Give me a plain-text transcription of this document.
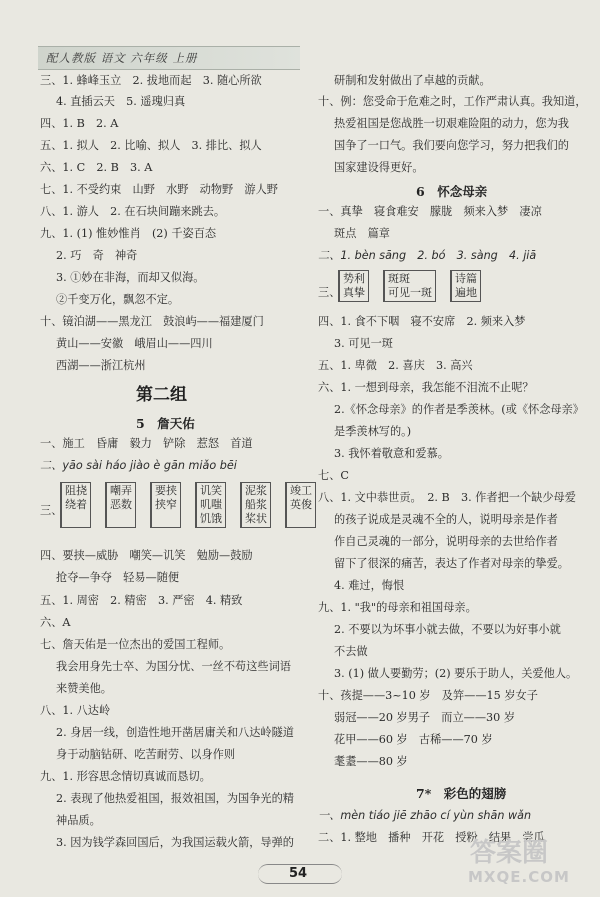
配人教版 语文 六年级 上册
三、1. 蜂峰玉立　2. 拔地而起　3. 随心所欲
4. 直插云天　5. 遥瑰归真
四、1. B　2. A
五、1. 拟人　2. 比喻、拟人　3. 排比、拟人
六、1. C　2. B　3. A
七、1. 不受约束　山野　水野　动物野　游人野
八、1. 游人　2. 在石块间蹦来跳去。
九、1. (1) 惟妙惟肖　(2) 千姿百态
2. 巧　奇　神奇
3. ①妙在非海，而却又似海。
②千变万化，飘忽不定。
十、镜泊湖——黑龙江　鼓浪屿——福建厦门
黄山——安徽　峨眉山——四川
西湖——浙江杭州
第二组
5　詹天佑
一、施工　昏庸　毅力　铲除　惹怒　首道
二、yāo sài háo jiào è gān miǎo bēi
三、
阻挠
绕着
嘲弄
恶数
要挟
挟窄
讥笑
叽嗤
饥饿
泥浆
船浆
桨状
竣工
英俊
四、要挟—威胁　嘲笑—讥笑　勉励—鼓励
抢夺—争夺　轻易—随便
五、1. 周密　2. 精密　3. 严密　4. 精致
六、A
七、詹天佑是一位杰出的爱国工程师。
我会用身先士卒、为国分忧、一丝不苟这些词语
来赞美他。
八、1. 八达岭
2. 身居一线，创造性地开凿居庸关和八达岭隧道
身于动脑钻研、吃苦耐劳、以身作则
九、1. 形容思念情切真诚而恳切。
2. 表现了他热爱祖国，报效祖国，为国争光的精
神品质。
3. 因为钱学森回国后，为我国运载火箭，导弹的
研制和发射做出了卓越的贡献。
十、例：您受命于危难之时，工作严肃认真。我知道，
热爱祖国是您战胜一切艰难险阻的动力，您为我
国争了一口气。我们要向您学习，努力把我们的
国家建设得更好。
6　怀念母亲
一、真挚　寝食难安　朦胧　频来入梦　凄凉
斑点　篇章
二、1. bèn sāng　2. bó　3. sàng　4. jiā
三、
势利
真挚
斑斑
可见一斑
诗篇
遍地
四、1. 食不下咽　寝不安席　2. 频来入梦
3. 可见一斑
五、1. 卑微　2. 喜庆　3. 高兴
六、1. 一想到母亲，我怎能不泪流不止呢？
2.《怀念母亲》的作者是季羡林。(或《怀念母亲》
是季羡林写的。)
3. 我怀着敬意和爱慕。
七、C
八、1. 文中恭世贡。　2. B　3. 作者把一个缺少母爱
的孩子说成是灵魂不全的人，说明母亲是作者
作自己灵魂的一部分，说明母亲的去世给作者
留下了很深的痛苦，表达了作者对母亲的挚爱。
4. 难过，悔恨
九、1. "我"的母亲和祖国母亲。
2. 不要以为坏事小就去做，不要以为好事小就
不去做
3. (1) 做人要勤劳；(2) 要乐于助人，关爱他人。
十、孩提——3~10 岁　及笄——15 岁女子
弱冠——20 岁男子　而立——30 岁
花甲——60 岁　古稀——70 岁
耄耋——80 岁
7*　彩色的翅膀
一、mèn tiáo jiē zhāo cí yùn shān wǎn
二、1. 整地　播种　开花　授粉　结果　尝瓜
54
答案圈
MXQE.COM
